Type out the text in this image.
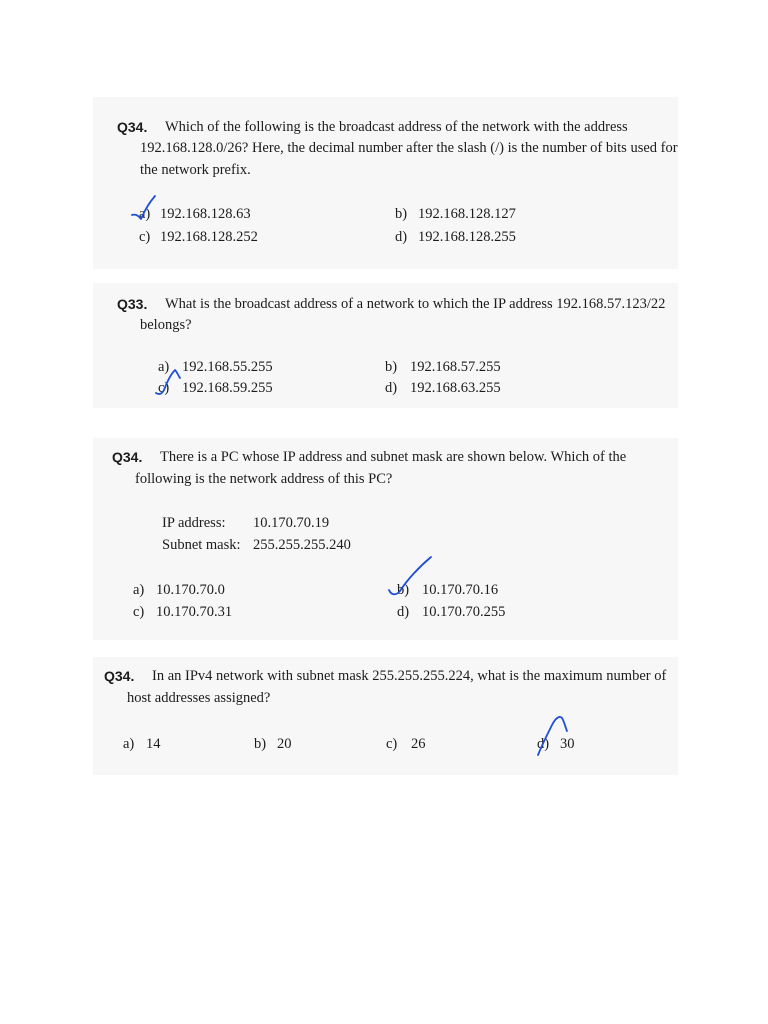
Q34. Which of the following is the broadcast address of the network with the address
192.168.128.0/26? Here, the decimal number after the slash (/) is the number of bits used for
the network prefix.
a) 192.168.128.63	b) 192.168.128.127
c) 192.168.128.252	d) 192.168.128.255
Q33. What is the broadcast address of a network to which the IP address 192.168.57.123/22
belongs?
a) 192.168.55.255	b) 192.168.57.255
c) 192.168.59.255	d) 192.168.63.255
Q34. There is a PC whose IP address and subnet mask are shown below. Which of the
following is the network address of this PC?
IP address: 10.170.70.19
Subnet mask: 255.255.255.240
a) 10.170.70.0	b) 10.170.70.16
c) 10.170.70.31	d) 10.170.70.255
Q34. In an IPv4 network with subnet mask 255.255.255.224, what is the maximum number of
host addresses assigned?
a) 14	b) 20	c) 26	d) 30
